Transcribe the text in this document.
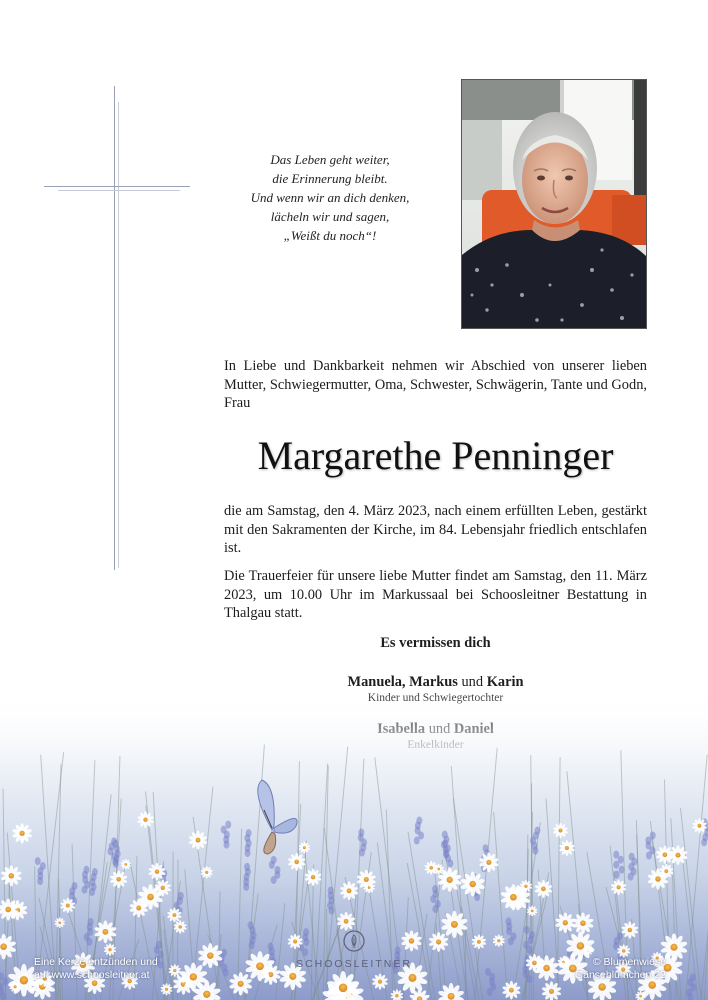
Das Leben geht weiter,
die Erinnerung bleibt.
Und wenn wir an dich denken,
lächeln wir und sagen,
„Weißt du noch“!
In Liebe und Dankbarkeit nehmen wir Abschied von unserer lieben Mutter, Schwiegermutter, Oma, Schwester, Schwägerin, Tante und Godn, Frau
Margarethe Penninger
die am Samstag, den 4. März 2023, nach einem erfüllten Leben, gestärkt mit den Sakramenten der Kirche, im 84. Lebensjahr friedlich entschlafen ist.
Die Trauerfeier für unsere liebe Mutter findet am Samstag, den 11. März 2023, um 10.00 Uhr im Markussaal bei Schoosleitner Bestattung in Thalgau statt.
Es vermissen dich
Manuela, Markus und Karin
Eine Kerze entzünden und
auf www.schoosleitner.at
SCHOOSLEITNER	© Blumenwiese
Gänseblümchen 22
